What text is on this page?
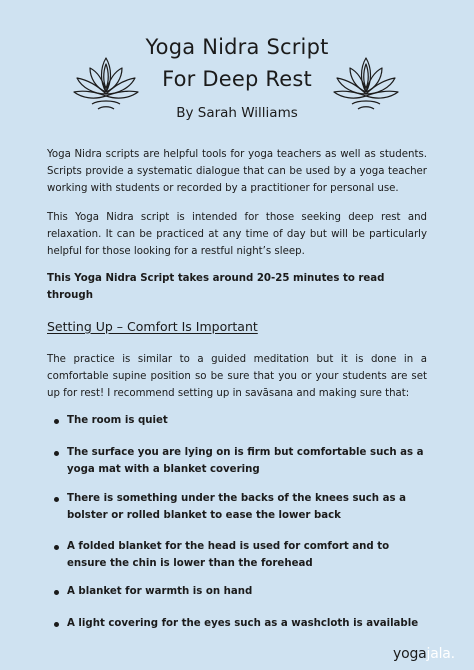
Yoga Nidra Script
For Deep Rest
By Sarah Williams

Yoga Nidra scripts are helpful tools for yoga teachers as well as students. Scripts provide a systematic dialogue that can be used by a yoga teacher working with students or recorded by a practitioner for personal use.

This Yoga Nidra script is intended for those seeking deep rest and relaxation. It can be practiced at any time of day but will be particularly helpful for those looking for a restful night’s sleep.

This Yoga Nidra Script takes around 20-25 minutes to read through

Setting Up – Comfort Is Important

The practice is similar to a guided meditation but it is done in a comfortable supine position so be sure that you or your students are set up for rest! I recommend setting up in savāsana and making sure that:

The room is quiet
The surface you are lying on is firm but comfortable such as a yoga mat with a blanket covering
There is something under the backs of the knees such as a bolster or rolled blanket to ease the lower back
A folded blanket for the head is used for comfort and to ensure the chin is lower than the forehead
A blanket for warmth is on hand
A light covering for the eyes such as a washcloth is available
yogajala.
